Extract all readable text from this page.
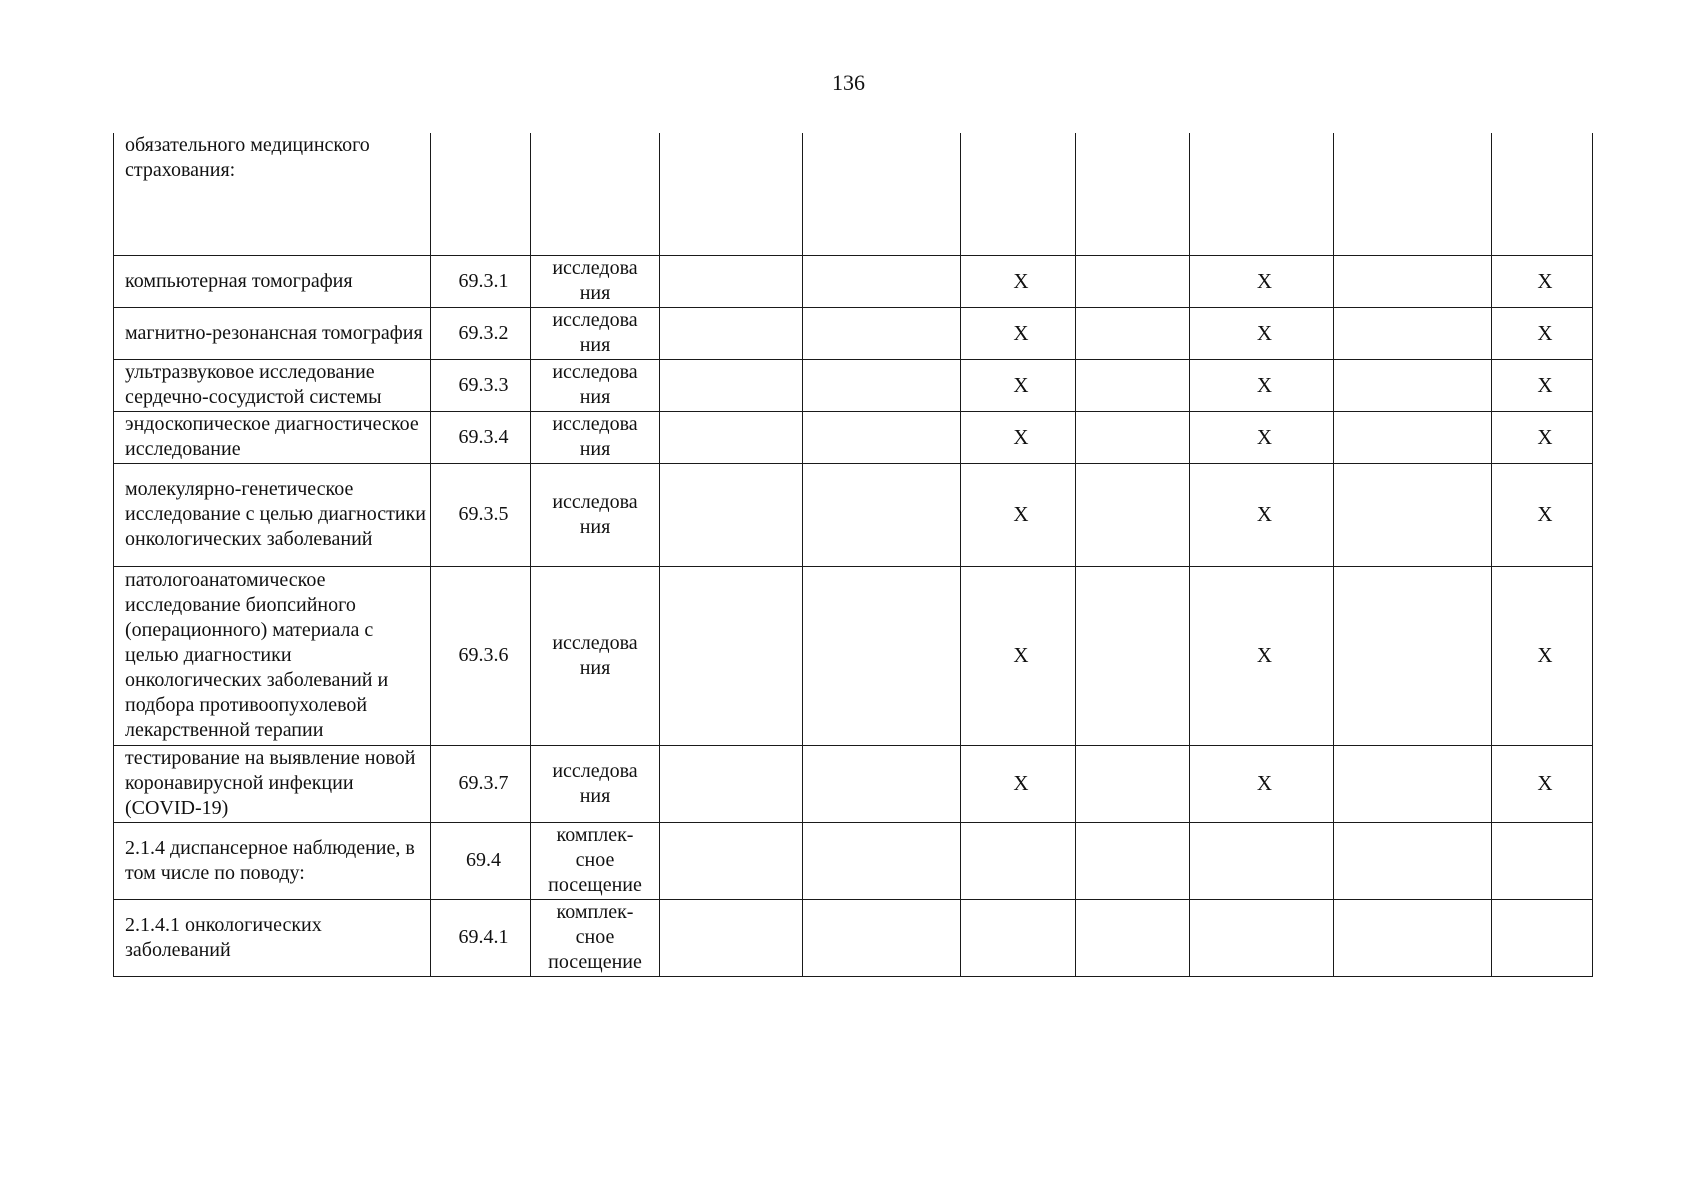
136
обязательного медицинского страхования:									
компьютерная томография	69.3.1	исследова ния			X		X		X
магнитно-резонансная томография	69.3.2	исследова ния			X		X		X
ультразвуковое исследование сердечно-сосудистой системы	69.3.3	исследова ния			X		X		X
эндоскопическое диагностическое исследование	69.3.4	исследова ния			X		X		X
молекулярно-генетическое исследование с целью диагностики онкологических заболеваний	69.3.5	исследова ния			X		X		X
патологоанатомическое исследование биопсийного (операционного) материала с целью диагностики онкологических заболеваний и подбора противоопухолевой лекарственной терапии	69.3.6	исследова ния			X		X		X
тестирование на выявление новой коронавирусной инфекции (COVID-19)	69.3.7	исследова ния			X		X		X
2.1.4 диспансерное наблюдение, в том числе по поводу:	69.4	комплек- сное посещение							
2.1.4.1 онкологических заболеваний	69.4.1	комплек- сное посещение							
